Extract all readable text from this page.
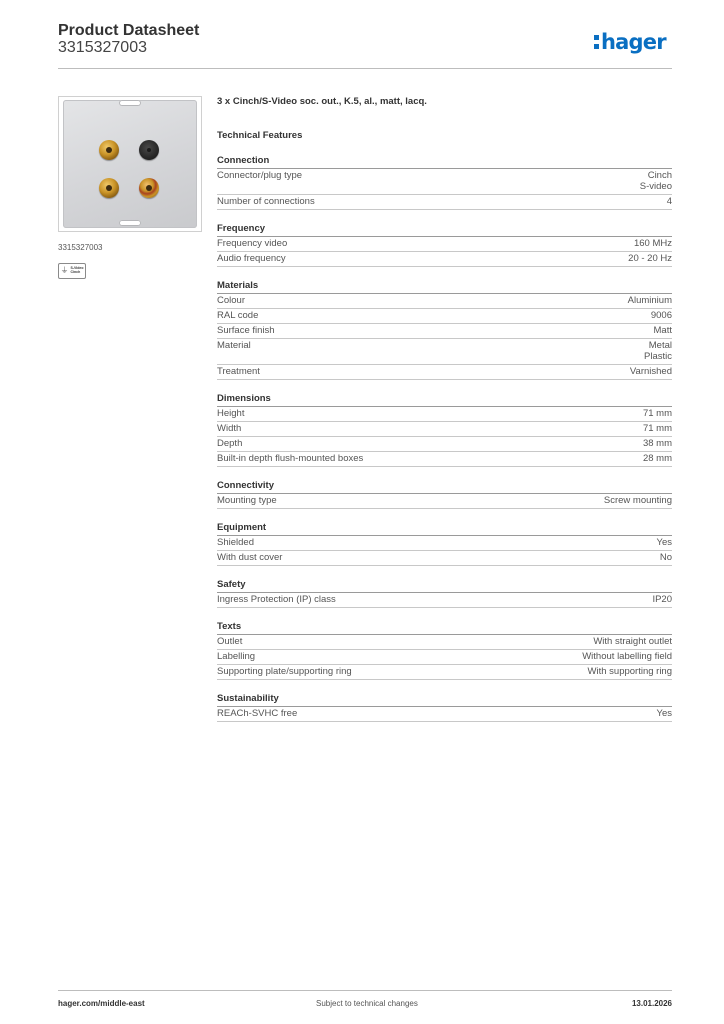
Product Datasheet
3315327003	hager
3315327003
⏚ S-Video
Cinch
3 x Cinch/S-Video soc. out., K.5, al., matt, lacq.
Technical Features
Connection
Connector/plug type	Cinch
S-video
Number of connections	4
Frequency
Frequency video	160 MHz
Audio frequency	20 - 20 Hz
Materials
Colour	Aluminium
RAL code	9006
Surface finish	Matt
Material	Metal
Plastic
Treatment	Varnished
Dimensions
Height	71 mm
Width	71 mm
Depth	38 mm
Built-in depth flush-mounted boxes	28 mm
Connectivity
Mounting type	Screw mounting
Equipment
Shielded	Yes
With dust cover	No
Safety
Ingress Protection (IP) class	IP20
Texts
Outlet	With straight outlet
Labelling	Without labelling field
Supporting plate/supporting ring	With supporting ring
Sustainability
REACh-SVHC free	Yes
hager.com/middle-east	Subject to technical changes	13.01.2026
